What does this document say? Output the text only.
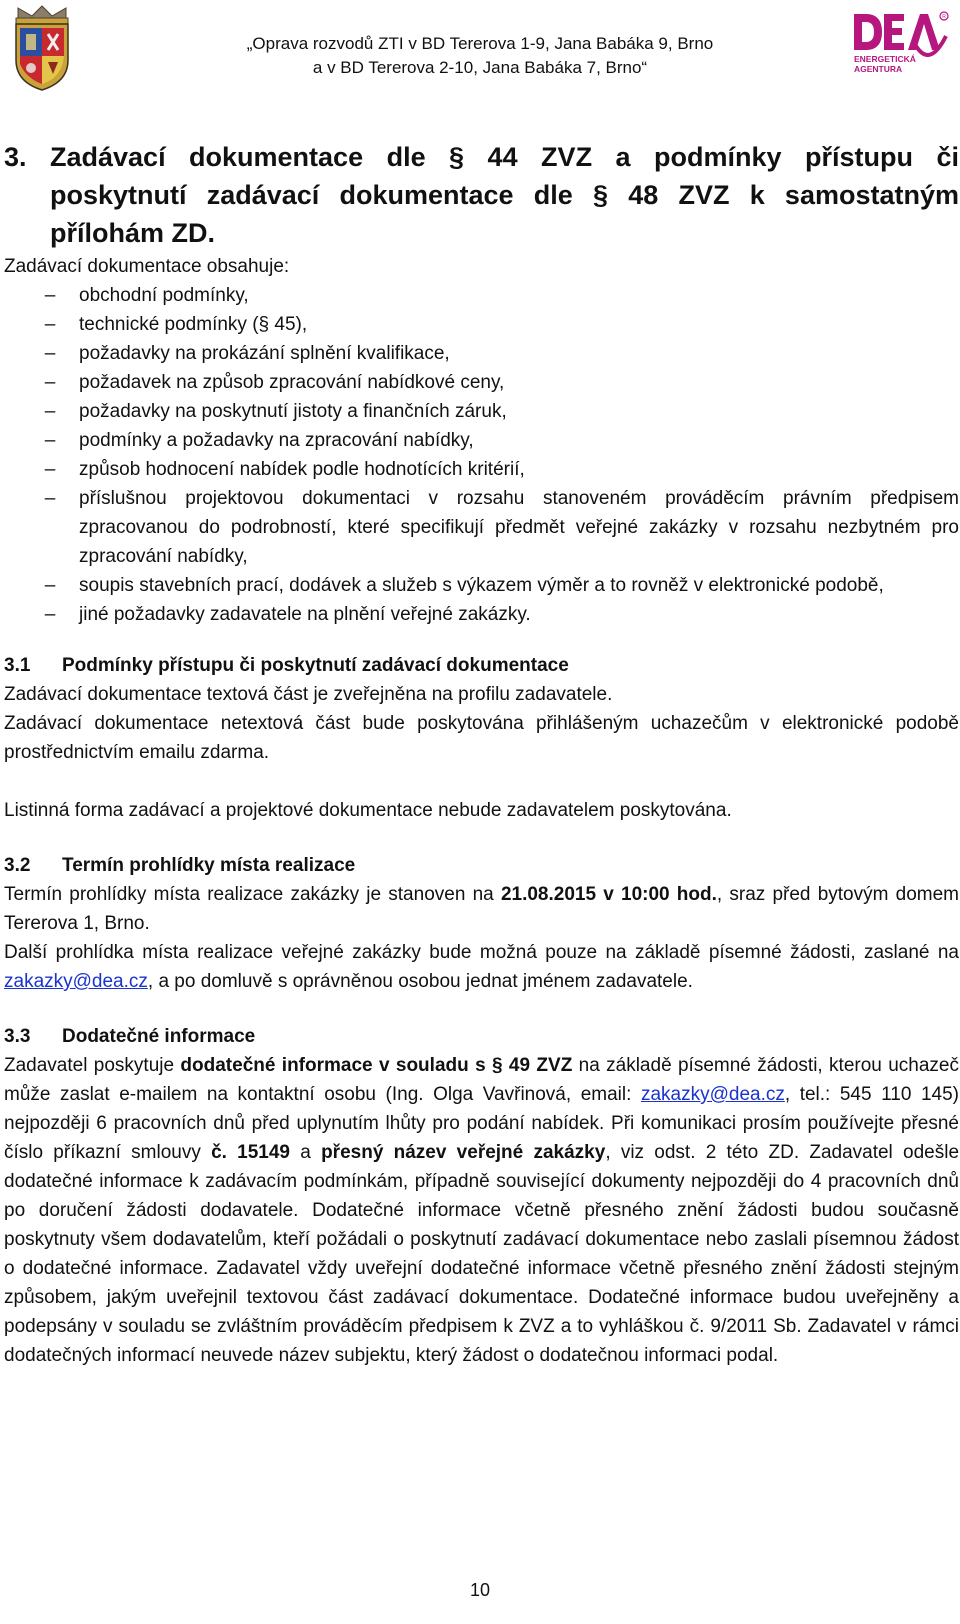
„Oprava rozvodů ZTI v BD Tererova 1-9, Jana Babáka 9, Brno
a v BD Tererova 2-10, Jana Babáka 7, Brno“
R
ENERGETICKÁ
AGENTURA
3. Zadávací dokumentace dle § 44 ZVZ a podmínky přístupu či poskytnutí zadávací dokumentace dle § 48 ZVZ k samostatným přílohám ZD.

Zadávací dokumentace obsahuje:

– obchodní podmínky,
– technické podmínky (§ 45),
– požadavky na prokázání splnění kvalifikace,
– požadavek na způsob zpracování nabídkové ceny,
– požadavky na poskytnutí jistoty a finančních záruk,
– podmínky a požadavky na zpracování nabídky,
– způsob hodnocení nabídek podle hodnotících kritérií,
– příslušnou projektovou dokumentaci v rozsahu stanoveném prováděcím právním předpisem zpracovanou do podrobností, které specifikují předmět veřejné zakázky v rozsahu nezbytném pro zpracování nabídky,
– soupis stavebních prací, dodávek a služeb s výkazem výměr a to rovněž v elektronické podobě,
– jiné požadavky zadavatele na plnění veřejné zakázky.
3.1 Podmínky přístupu či poskytnutí zadávací dokumentace

Zadávací dokumentace textová část je zveřejněna na profilu zadavatele.

Zadávací dokumentace netextová část bude poskytována přihlášeným uchazečům v elektronické podobě prostřednictvím emailu zdarma.

Listinná forma zadávací a projektové dokumentace nebude zadavatelem poskytována.

3.2 Termín prohlídky místa realizace

Termín prohlídky místa realizace zakázky je stanoven na 21.08.2015 v 10:00 hod., sraz před bytovým domem Tererova 1, Brno.

Další prohlídka místa realizace veřejné zakázky bude možná pouze na základě písemné žádosti, zaslané na zakazky@dea.cz, a po domluvě s oprávněnou osobou jednat jménem zadavatele.

3.3 Dodatečné informace

Zadavatel poskytuje dodatečné informace v souladu s § 49 ZVZ na základě písemné žádosti, kterou uchazeč může zaslat e-mailem na kontaktní osobu (Ing. Olga Vavřinová, email: zakazky@dea.cz, tel.: 545 110 145) nejpozději 6 pracovních dnů před uplynutím lhůty pro podání nabídek. Při komunikaci prosím používejte přesné číslo příkazní smlouvy č. 15149 a přesný název veřejné zakázky, viz odst. 2 této ZD. Zadavatel odešle dodatečné informace k zadávacím podmínkám, případně související dokumenty nejpozději do 4 pracovních dnů po doručení žádosti dodavatele. Dodatečné informace včetně přesného znění žádosti budou současně poskytnuty všem dodavatelům, kteří požádali o poskytnutí zadávací dokumentace nebo zaslali písemnou žádost o dodatečné informace. Zadavatel vždy uveřejní dodatečné informace včetně přesného znění žádosti stejným způsobem, jakým uveřejnil textovou část zadávací dokumentace. Dodatečné informace budou uveřejněny a podepsány v souladu se zvláštním prováděcím předpisem k ZVZ a to vyhláškou č. 9/2011 Sb. Zadavatel v rámci dodatečných informací neuvede název subjektu, který žádost o dodatečnou informaci podal.

10
